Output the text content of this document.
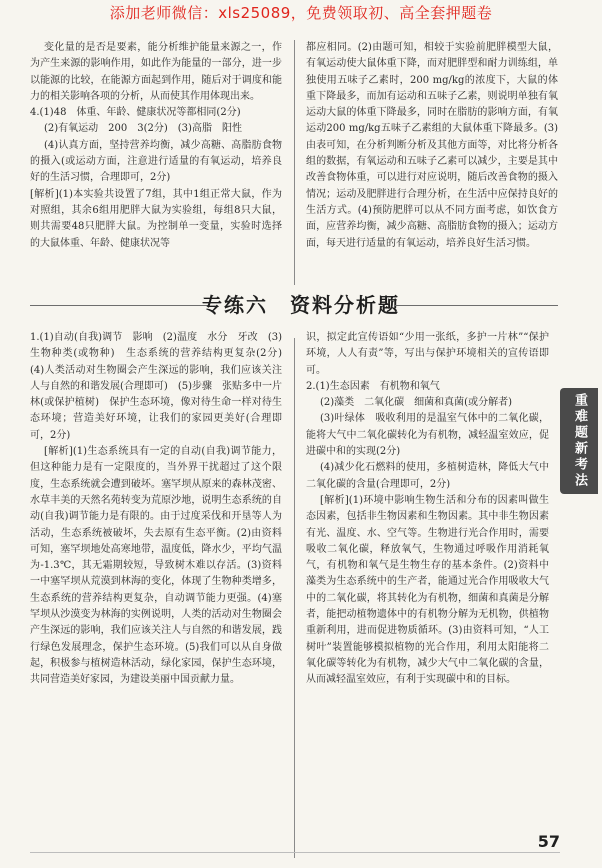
添加老师微信：xls25089，免费领取初、高全套押题卷

变化量的是否是要素，能分析维护能量来源之一，作为产生来源的影响作用，如此作为能量的一部分，进一步以能源的比较，在能源方面起到作用，随后对于调度和能力的相关影响各项的分析，从而使其作用体现出来。

4.(1)48　体重、年龄、健康状况等都相同(2分)

(2)有氧运动　200　3(2分)　(3)高脂　阳性

(4)认真方面，坚持营养均衡，减少高糖、高脂肪食物的摄入(或运动方面，注意进行适量的有氧运动，培养良好的生活习惯，合理即可，2分)

[解析](1)本实验共设置了7组，其中1组正常大鼠，作为对照组，其余6组用肥胖大鼠为实验组，每组8只大鼠，则共需要48只肥胖大鼠。为控制单一变量，实验时选择的大鼠体重、年龄、健康状况等

都应相同。(2)由题可知，相较于实验前肥胖模型大鼠，有氧运动使大鼠体重下降，而对肥胖型和耐力训练组，单独使用五味子乙素时，200 mg/kg的浓度下，大鼠的体重下降最多，而加有运动和五味子乙素，则说明单独有氧运动大鼠的体重下降最多，同时在脂肪的影响方面，有氧运动200 mg/kg五味子乙素组的大鼠体重下降最多。(3)由表可知，在分析判断分析及其他方面等，对比将分析各组的数据，有氧运动和五味子乙素可以减少，主要是其中改善食物体重，可以进行对应说明，随后改善食物的摄入情况；运动及肥胖进行合理分析，在生活中应保持良好的生活方式。(4)预防肥胖可以从不同方面考虑，如饮食方面，应营养均衡，减少高糖、高脂肪食物的摄入；运动方面，每天进行适量的有氧运动，培养良好生活习惯。

专练六　资料分析题

1.(1)自动(自我)调节　影响　(2)温度　水分　牙改　(3)生物种类(或物种)　生态系统的营养结构更复杂(2分)　(4)人类活动对生物圈会产生深远的影响，我们应该关注人与自然的和谐发展(合理即可)　(5)步骤　张贴多中一片林(或保护植树)　保护生态环境，像对待生命一样对待生态环境；营造美好环境，让我们的家园更美好(合理即可，2分)

[解析](1)生态系统具有一定的自动(自我)调节能力，但这种能力是有一定限度的，当外界干扰超过了这个限度，生态系统就会遭到破坏。塞罕坝从原来的森林茂密、水草丰美的天然名苑转变为荒原沙地，说明生态系统的自动(自我)调节能力是有限的。由于过度采伐和开垦等人为活动，生态系统被破坏，失去原有生态平衡。(2)由资料可知，塞罕坝地处高寒地带，温度低，降水少，平均气温为-1.3℃，其无霜期较短，导致树木难以存活。(3)资料一中塞罕坝从荒漠到林海的变化，体现了生物种类增多，生态系统的营养结构更复杂，自动调节能力更强。(4)塞罕坝从沙漠变为林海的实例说明，人类的活动对生物圈会产生深远的影响，我们应该关注人与自然的和谐发展，践行绿色发展理念，保护生态环境。(5)我们可以从自身做起，积极参与植树造林活动，绿化家园，保护生态环境，共同营造美好家园，为建设美丽中国贡献力量。

识，拟定此宣传语如“少用一张纸，多护一片林”“保护环境，人人有责”等，写出与保护环境相关的宣传语即可。

2.(1)生态因素　有机物和氧气

(2)藻类　二氧化碳　细菌和真菌(或分解者)

(3)叶绿体　吸收利用的是温室气体中的二氧化碳，能将大气中二氧化碳转化为有机物，减轻温室效应，促进碳中和的实现(2分)

(4)减少化石燃料的使用，多植树造林，降低大气中二氧化碳的含量(合理即可，2分)

[解析](1)环境中影响生物生活和分布的因素叫做生态因素，包括非生物因素和生物因素。其中非生物因素有光、温度、水、空气等。生物进行光合作用时，需要吸收二氧化碳，释放氧气，生物通过呼吸作用消耗氧气，有机物和氧气是生物生存的基本条件。(2)资料中藻类为生态系统中的生产者，能通过光合作用吸收大气中的二氧化碳，将其转化为有机物，细菌和真菌是分解者，能把动植物遗体中的有机物分解为无机物，供植物重新利用，进而促进物质循环。(3)由资料可知，“人工树叶”装置能够模拟植物的光合作用，利用太阳能将二氧化碳等转化为有机物，减少大气中二氧化碳的含量，从而减轻温室效应，有利于实现碳中和的目标。

重难题新考法
57
